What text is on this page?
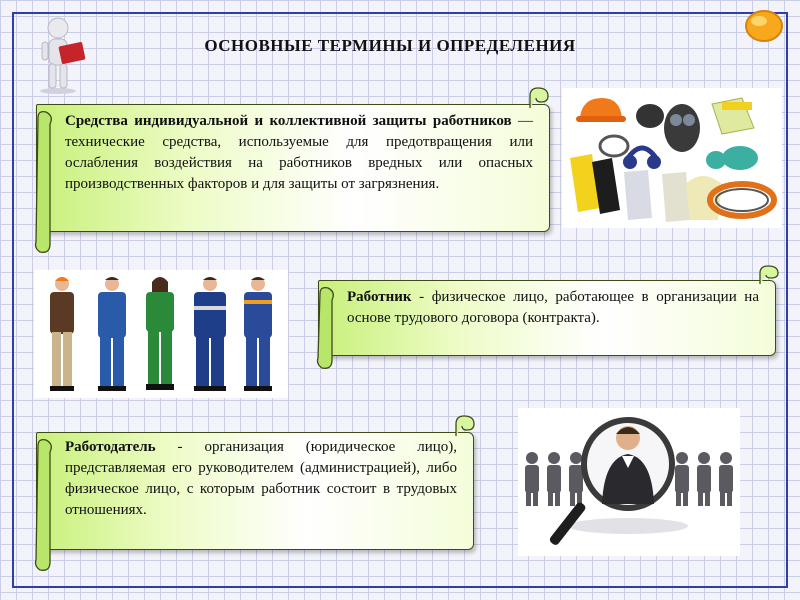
ОСНОВНЫЕ ТЕРМИНЫ И ОПРЕДЕЛЕНИЯ
Средства индивидуальной и коллективной защиты работников — технические средства, используемые для предотвращения или ослабления воздействия на работников вредных или опасных производственных факторов и для защиты от загрязнения.
Работник - физическое лицо, работающее в организации на основе трудового договора (контракта).
Работодатель - организация (юридическое лицо), представляемая его руководителем (администрацией), либо физическое лицо, с которым работник состоит в трудовых отношениях.
